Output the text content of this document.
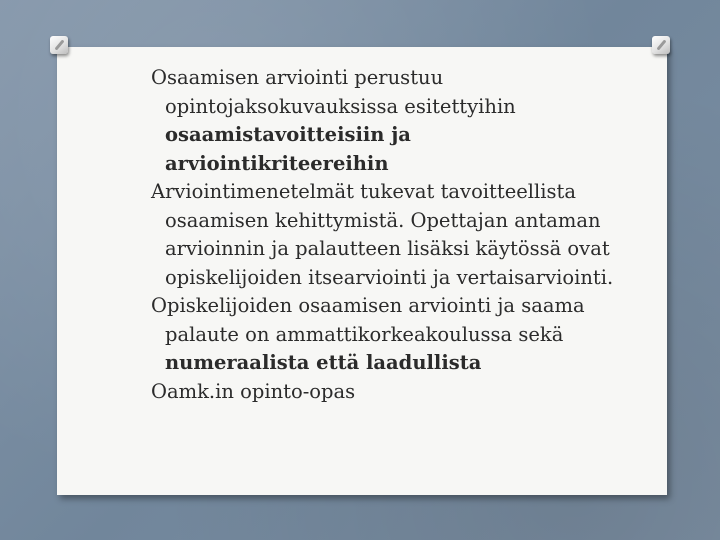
Osaamisen arviointi perustuu opintojaksokuvauksissa esitettyihin osaamistavoitteisiin ja arviointikriteereihin

Arviointimenetelmät tukevat tavoitteellista osaamisen kehittymistä. Opettajan antaman arvioinnin ja palautteen lisäksi käytössä ovat opiskelijoiden itsearviointi ja vertaisarviointi.

Opiskelijoiden osaamisen arviointi ja saama palaute on ammattikorkeakoulussa sekä numeraalista että laadullista

Oamk.in opinto-opas
